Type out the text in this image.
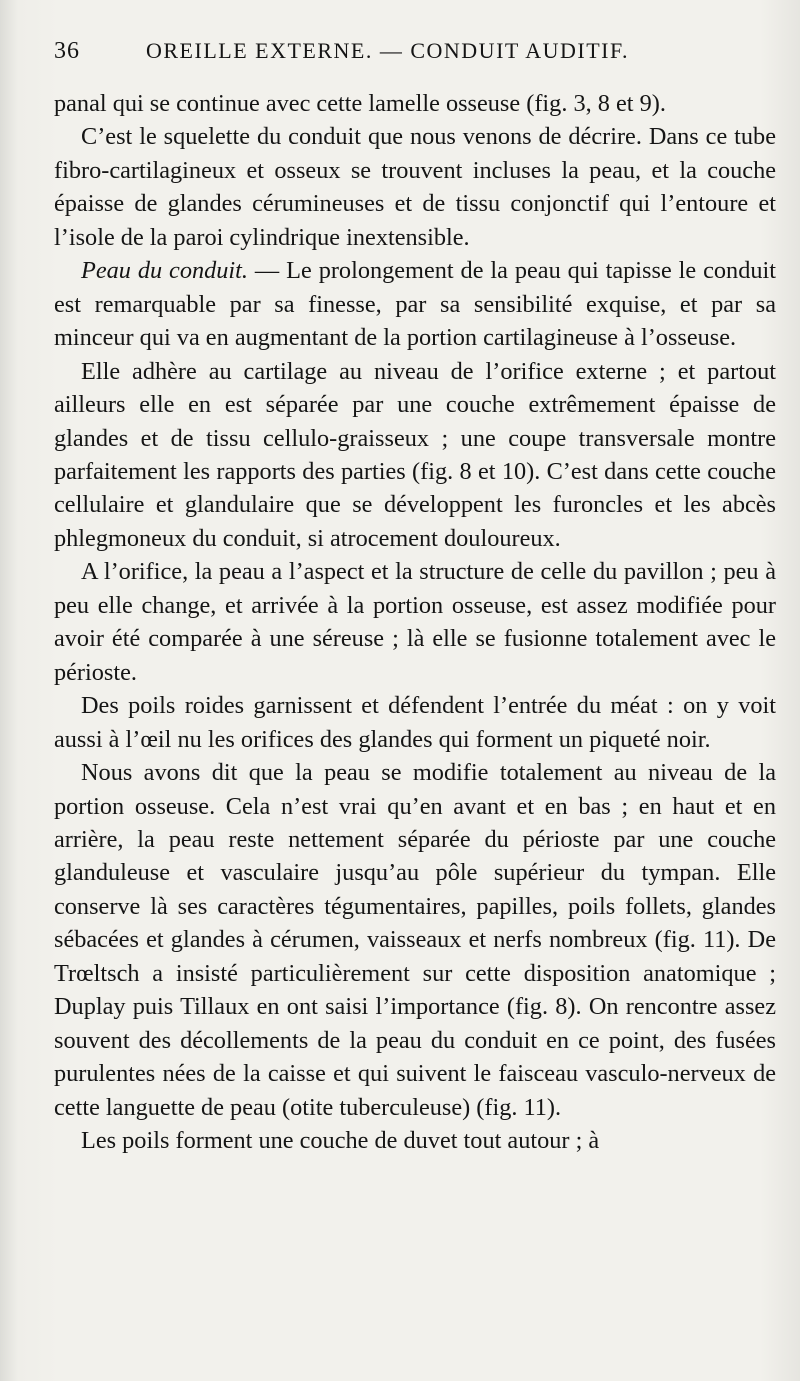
36	OREILLE EXTERNE. — CONDUIT AUDITIF.

panal qui se continue avec cette lamelle osseuse (fig. 3, 8 et 9).

C’est le squelette du conduit que nous venons de décrire. Dans ce tube fibro-cartilagineux et osseux se trouvent incluses la peau, et la couche épaisse de glandes cérumineuses et de tissu conjonctif qui l’entoure et l’isole de la paroi cylindrique inextensible.

Peau du conduit. — Le prolongement de la peau qui tapisse le conduit est remarquable par sa finesse, par sa sensibilité exquise, et par sa minceur qui va en augmentant de la portion cartilagineuse à l’osseuse.

Elle adhère au cartilage au niveau de l’orifice externe ; et partout ailleurs elle en est séparée par une couche extrêmement épaisse de glandes et de tissu cellulo-graisseux ; une coupe transversale montre parfaitement les rapports des parties (fig. 8 et 10). C’est dans cette couche cellulaire et glandulaire que se développent les furoncles et les abcès phlegmoneux du conduit, si atrocement douloureux.

A l’orifice, la peau a l’aspect et la structure de celle du pavillon ; peu à peu elle change, et arrivée à la portion osseuse, est assez modifiée pour avoir été comparée à une séreuse ; là elle se fusionne totalement avec le périoste.

Des poils roides garnissent et défendent l’entrée du méat : on y voit aussi à l’œil nu les orifices des glandes qui forment un piqueté noir.

Nous avons dit que la peau se modifie totalement au niveau de la portion osseuse. Cela n’est vrai qu’en avant et en bas ; en haut et en arrière, la peau reste nettement séparée du périoste par une couche glanduleuse et vasculaire jusqu’au pôle supérieur du tympan. Elle conserve là ses caractères tégumentaires, papilles, poils follets, glandes sébacées et glandes à cérumen, vaisseaux et nerfs nombreux (fig. 11). De Trœltsch a insisté particulièrement sur cette disposition anatomique ; Duplay puis Tillaux en ont saisi l’importance (fig. 8). On rencontre assez souvent des décollements de la peau du conduit en ce point, des fusées purulentes nées de la caisse et qui suivent le faisceau vasculo-nerveux de cette languette de peau (otite tuberculeuse) (fig. 11).

Les poils forment une couche de duvet tout autour ; à
